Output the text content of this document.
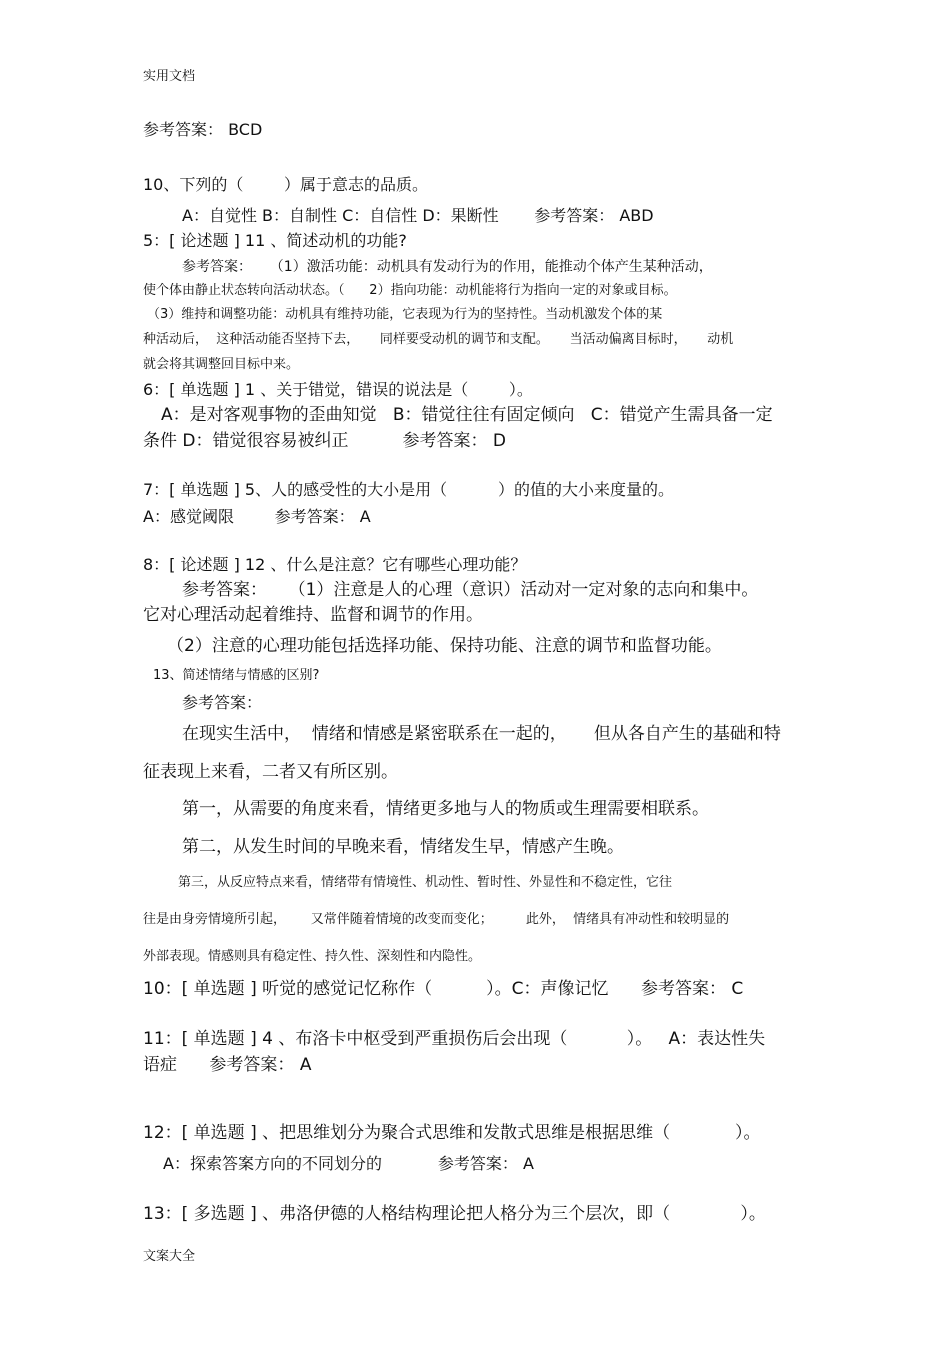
实用文档
参考答案： BCD
10、下列的（        ）属于意志的品质。
A：自觉性 B：自制性 C：自信性 D：果断性       参考答案： ABD
5：[ 论述题 ] 11 、简述动机的功能?
参考答案：    （1）激活功能：动机具有发动行为的作用，能推动个体产生某种活动，
使个体由静止状态转向活动状态。（      2）指向功能：动机能将行为指向一定的对象或目标。
（3）维持和调整功能：动机具有维持功能，它表现为行为的坚持性。当动机激发个体的某
种活动后，  这种活动能否坚持下去，     同样要受动机的调节和支配。     当活动偏离目标时，     动机
就会将其调整回目标中来。
6：[ 单选题 ] 1 、关于错觉，错误的说法是（        ）。
A：是对客观事物的歪曲知觉   B：错觉往往有固定倾向   C：错觉产生需具备一定
条件 D：错觉很容易被纠正          参考答案： D
7：[ 单选题 ] 5、人的感受性的大小是用（          ）的值的大小来度量的。
A：感觉阈限        参考答案： A
8：[ 论述题 ] 12 、什么是注意？它有哪些心理功能？
参考答案：    （1）注意是人的心理（意识）活动对一定对象的志向和集中。
它对心理活动起着维持、监督和调节的作用。
（2）注意的心理功能包括选择功能、保持功能、注意的调节和监督功能。
13、简述情绪与情感的区别?
参考答案：
在现实生活中，  情绪和情感是紧密联系在一起的，     但从各自产生的基础和特
征表现上来看，二者又有所区别。
第一，从需要的角度来看，情绪更多地与人的物质或生理需要相联系。
第二，从发生时间的早晚来看，情绪发生早，情感产生晚。
第三，从反应特点来看，情绪带有情境性、机动性、暂时性、外显性和不稳定性，它往
往是由身旁情境所引起，      又常伴随着情境的改变而变化；        此外，  情绪具有冲动性和较明显的
外部表现。情感则具有稳定性、持久性、深刻性和内隐性。
10：[ 单选题 ] 听觉的感觉记忆称作（          ）。C：声像记忆      参考答案： C
11：[ 单选题 ] 4 、布洛卡中枢受到严重损伤后会出现（           ）。   A：表达性失
语症      参考答案： A
12：[ 单选题 ] 、把思维划分为聚合式思维和发散式思维是根据思维（            ）。
A：探索答案方向的不同划分的           参考答案： A
13：[ 多选题 ] 、弗洛伊德的人格结构理论把人格分为三个层次，即（             ）。
文案大全
